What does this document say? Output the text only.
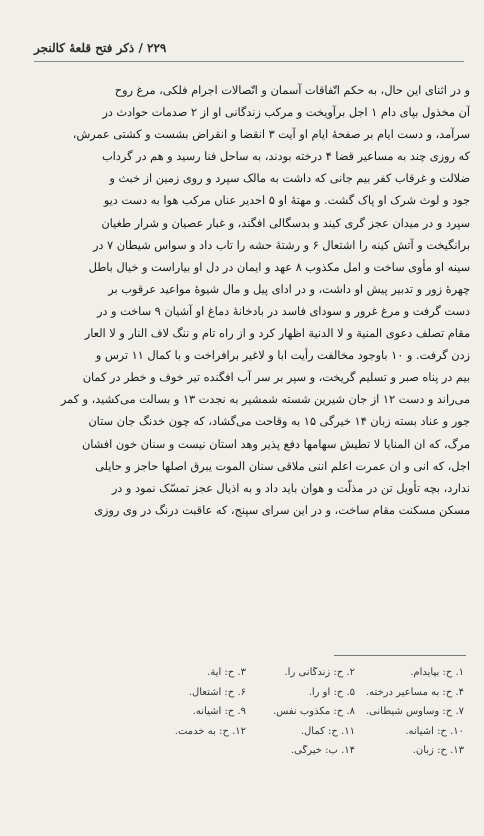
۲۲۹ / ذکر فتح قلعهٔ کالنجر

و در اثنای این حال، به حکم اتّفاقات آسمان و اتّصالات اجرام فلکی، مرغ روح

آن مخذول بپای دام ۱ اجل برآویخت و مرکب زندگانی او از ۲ صدمات حوادث در

سرآمد، و دست ایام بر صفحهٔ ایام او آیت ۳ انقضا و انقراض بشست و کشتی عمرش،

که روزی چند به مساعیر قضا ۴ درخته بودند، به ساحل فنا رسید و هم در گرداب

ضلالت و غرقاب کفر بیم جانی که داشت به مالک سپرد و روی زمین از خبث و

جود و لوث شرک او پاک گشت. و مهتهٔ او ۵ احدیر عناں مرکب هوا به دست دیو

سپرد و در میدان عجز گری کیند و بدسگالی افگند، و غبار عصیان و شرار طغیان

برانگیخت و آتش کینه را اشتعال ۶ و رشتهٔ حشه را تاب داد و سواس شیطان ۷ در

سینه او مأوی ساخت و امل مکذوب ۸ عهد و ایمان در دل او بیاراست و خیال باطل

چهرهٔ زور و تدبیر پیش او داشت، و در ادای پیل و مال شیوهٔ مواعید عرقوب بر

دست گرفت و مرغ غرور و سودای فاسد در بادخانهٔ دماغ او آشیان ۹ ساخت و در

مقام تصلف دعوی المنیة و لا الدنیة اظهار کرد و از راه تام و ننگ لاف النار و لا العار

زدن گرفت. و ۱۰ باوجود مخالفت رأیت ابا و لاغیر برافراخت و با کمال ۱۱ ترس و

بیم در پناه صبر و تسلیم گریخت، و سپر بر سر آب افگنده تیر خوف و خطر در کمان

می‌راند و دست ۱۲ از جان شیرین شسته شمشیر به نجدت ۱۳ و بسالت می‌کشید، و کمر

جور و عناد بسته زبان ۱۴ خیرگی ۱۵ به وقاحت می‌گشاد، که چون خدنگ جان ستان

مرگ، که ان المنایا لا تطیش سهامها دفع پذیر وهد استان نیست و سنان خون افشان

اجل، که انی و ان عمرت اعلم اننی ملاقی سنان الموت یبرق اصلها حاجز و حایلی

ندارد، بچه تأویل تن در مذلّت و هوان باید داد و به اذیال عجز تمسّک نمود و در

مسکن مسکنت مقام ساخت، و در این سرای سپنج، که عاقبت درنگ در وی روزی

۱. ح: بپایدام.
۲. ح: زندگانی را.
۳. ح: آیة.
۴. ح: به مساعیر درخته.
۵. ح: او را.
۶. ح: اشتعال.
۷. ح: وساوس شیطانی.
۸. ح: مکذوب نفس.
۹. ح: آشیانه.
۱۰. ح: آشیانه.
۱۱. ح: کمال.
۱۲. ح: به خدمت.
۱۳. ح: زبان.
۱۴. ب: خیرگی.
